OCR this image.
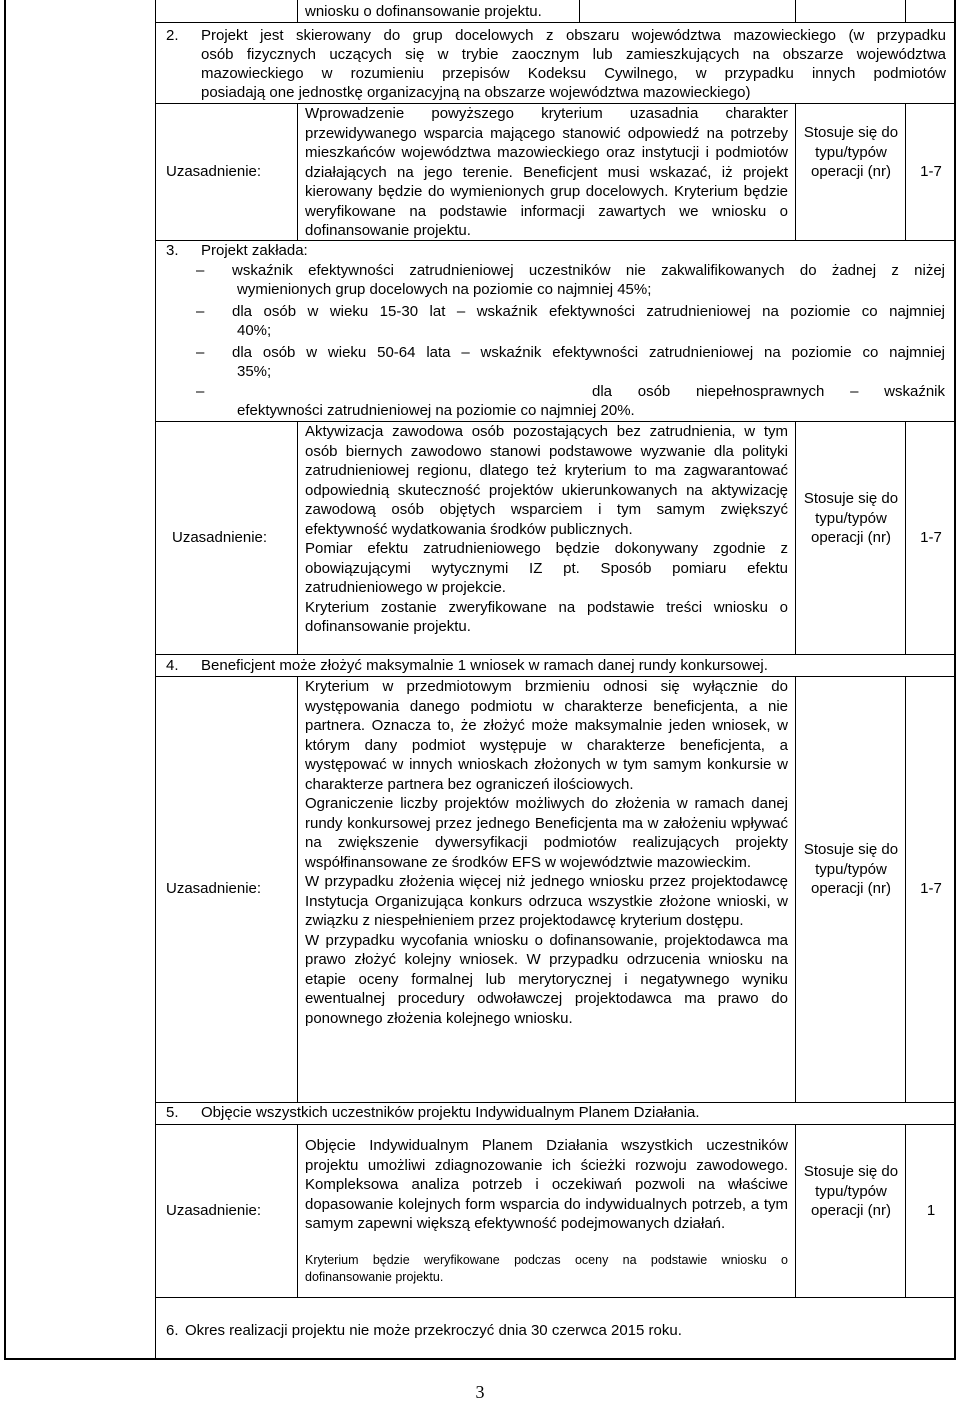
wniosku o dofinansowanie projektu.
2. Projekt jest skierowany do grup docelowych z obszaru województwa mazowieckiego (w przypadku
osób fizycznych uczących się w trybie zaocznym lub zamieszkujących na obszarze województwa
mazowieckiego w rozumieniu przepisów Kodeksu Cywilnego, w przypadku innych podmiotów
posiadają one jednostkę organizacyjną na obszarze województwa mazowieckiego)
Uzasadnienie:
Wprowadzenie powyższego kryterium uzasadnia charakter przewidywanego wsparcia mającego stanowić odpowiedź na potrzeby mieszkańców województwa mazowieckiego oraz instytucji i podmiotów działających na jego terenie. Beneficjent musi wskazać, iż projekt kierowany będzie do wymienionych grup docelowych. Kryterium będzie weryfikowane na podstawie informacji zawartych we wniosku o dofinansowanie projektu.
Stosuje się do typu/typów operacji (nr)	1-7
3. Projekt zakłada:
– wskaźnik efektywności zatrudnieniowej uczestników nie zakwalifikowanych do żadnej z niżej
wymienionych grup docelowych na poziomie co najmniej 45%;
– dla osób w wieku 15-30 lat – wskaźnik efektywności zatrudnieniowej na poziomie co najmniej
40%;
– dla osób w wieku 50-64 lata – wskaźnik efektywności zatrudnieniowej na poziomie co najmniej
35%;
–	dla osób niepełnosprawnych – wskaźnik
efektywności zatrudnieniowej na poziomie co najmniej 20%.
Uzasadnienie:
Aktywizacja zawodowa osób pozostających bez zatrudnienia, w tym osób biernych zawodowo stanowi podstawowe wyzwanie dla polityki zatrudnieniowej regionu, dlatego też kryterium to ma zagwarantować odpowiednią skuteczność projektów ukierunkowanych na aktywizację zawodową osób objętych wsparciem i tym samym zwiększyć efektywność wydatkowania środków publicznych.
Pomiar efektu zatrudnieniowego będzie dokonywany zgodnie z obowiązującymi wytycznymi IZ pt. Sposób pomiaru efektu zatrudnieniowego w projekcie.
Kryterium zostanie zweryfikowane na podstawie treści wniosku o dofinansowanie projektu.
Stosuje się do typu/typów operacji (nr)	1-7
4. Beneficjent może złożyć maksymalnie 1 wniosek w ramach danej rundy konkursowej.
Uzasadnienie:
Kryterium w przedmiotowym brzmieniu odnosi się wyłącznie do występowania danego podmiotu w charakterze beneficjenta, a nie partnera. Oznacza to, że złożyć może maksymalnie jeden wniosek, w którym dany podmiot występuje w charakterze beneficjenta, a występować w innych wnioskach złożonych w tym samym konkursie w charakterze partnera bez ograniczeń ilościowych.
Ograniczenie liczby projektów możliwych do złożenia w ramach danej rundy konkursowej przez jednego Beneficjenta ma w założeniu wpływać na zwiększenie dywersyfikacji podmiotów realizujących projekty współfinansowane ze środków EFS w województwie mazowieckim.
W przypadku złożenia więcej niż jednego wniosku przez projektodawcę Instytucja Organizująca konkurs odrzuca wszystkie złożone wnioski, w związku z niespełnieniem przez projektodawcę kryterium dostępu.
W przypadku wycofania wniosku o dofinansowanie, projektodawca ma prawo złożyć kolejny wniosek. W przypadku odrzucenia wniosku na etapie oceny formalnej lub merytorycznej i negatywnego wyniku ewentualnej procedury odwoławczej projektodawca ma prawo do ponownego złożenia kolejnego wniosku.
Stosuje się do typu/typów operacji (nr)	1-7
5. Objęcie wszystkich uczestników projektu Indywidualnym Planem Działania.
Uzasadnienie:
Objęcie Indywidualnym Planem Działania wszystkich uczestników projektu umożliwi zdiagnozowanie ich ścieżki rozwoju zawodowego. Kompleksowa analiza potrzeb i oczekiwań pozwoli na właściwe dopasowanie kolejnych form wsparcia do indywidualnych potrzeb, a tym samym zapewni większą efektywność podejmowanych działań.
Kryterium będzie weryfikowane podczas oceny na podstawie wniosku o dofinansowanie projektu.
Stosuje się do typu/typów operacji (nr)	1
6. Okres realizacji projektu nie może przekroczyć dnia 30 czerwca 2015 roku.
3
